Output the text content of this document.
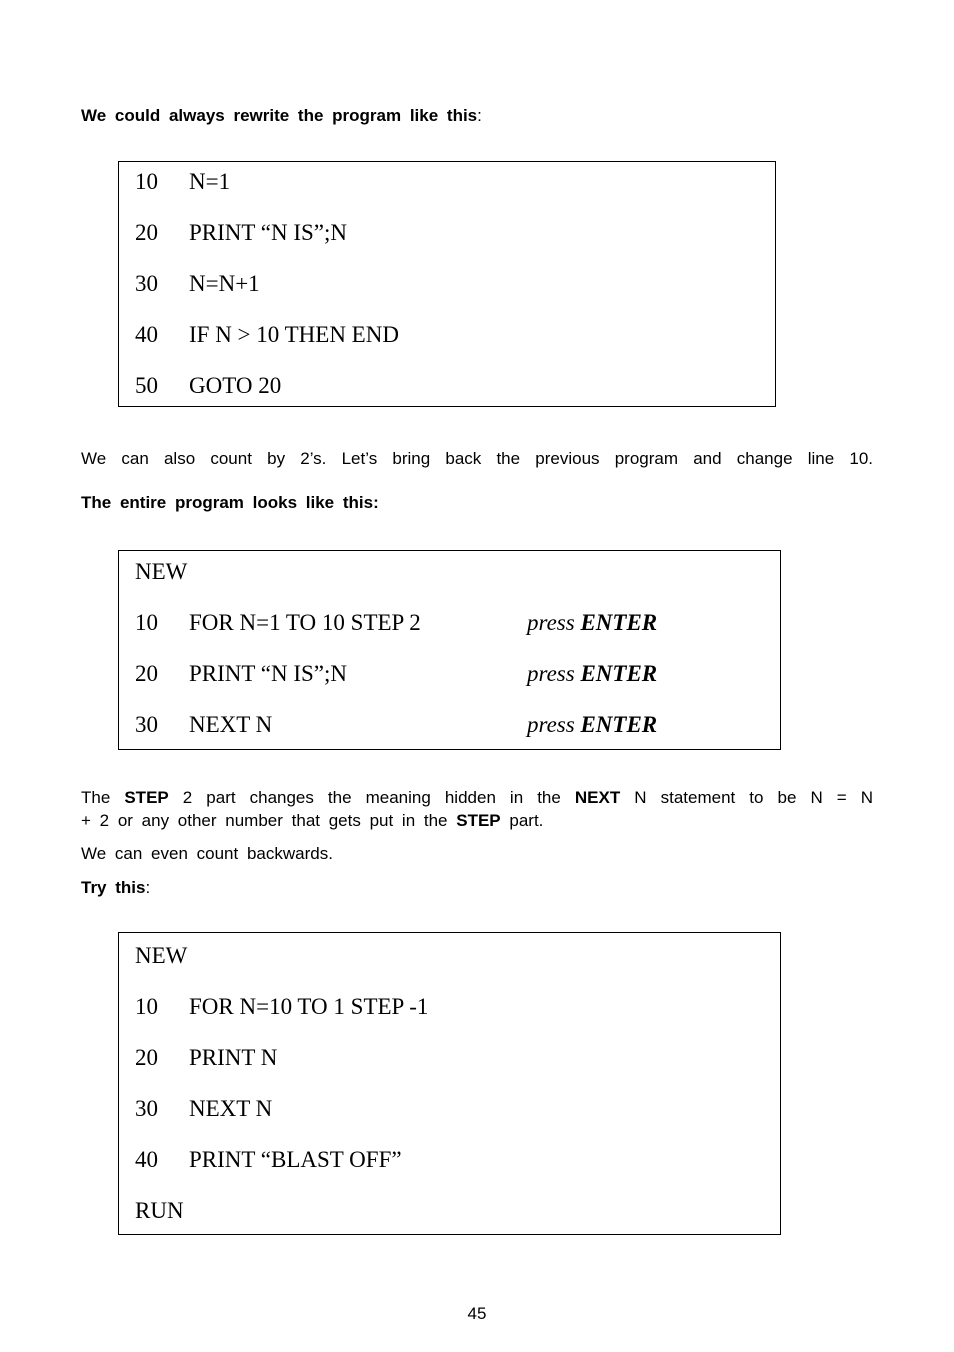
We could always rewrite the program like this:

10 N=1
20 PRINT “N IS”;N
30 N=N+1
40 IF N > 10 THEN END
50 GOTO 20

We can also count by 2’s. Let’s bring back the previous program and change line 10.

The entire program looks like this:

NEW
10 FOR N=1 TO 10 STEP 2	press ENTER
20 PRINT “N IS”;N	press ENTER
30 NEXT N	press ENTER

The STEP 2 part changes the meaning hidden in the NEXT N statement to be N = N

+ 2 or any other number that gets put in the STEP part.

We can even count backwards.

Try this:

NEW
10 FOR N=10 TO 1 STEP -1
20 PRINT N
30 NEXT N
40 PRINT “BLAST OFF”
RUN
45
